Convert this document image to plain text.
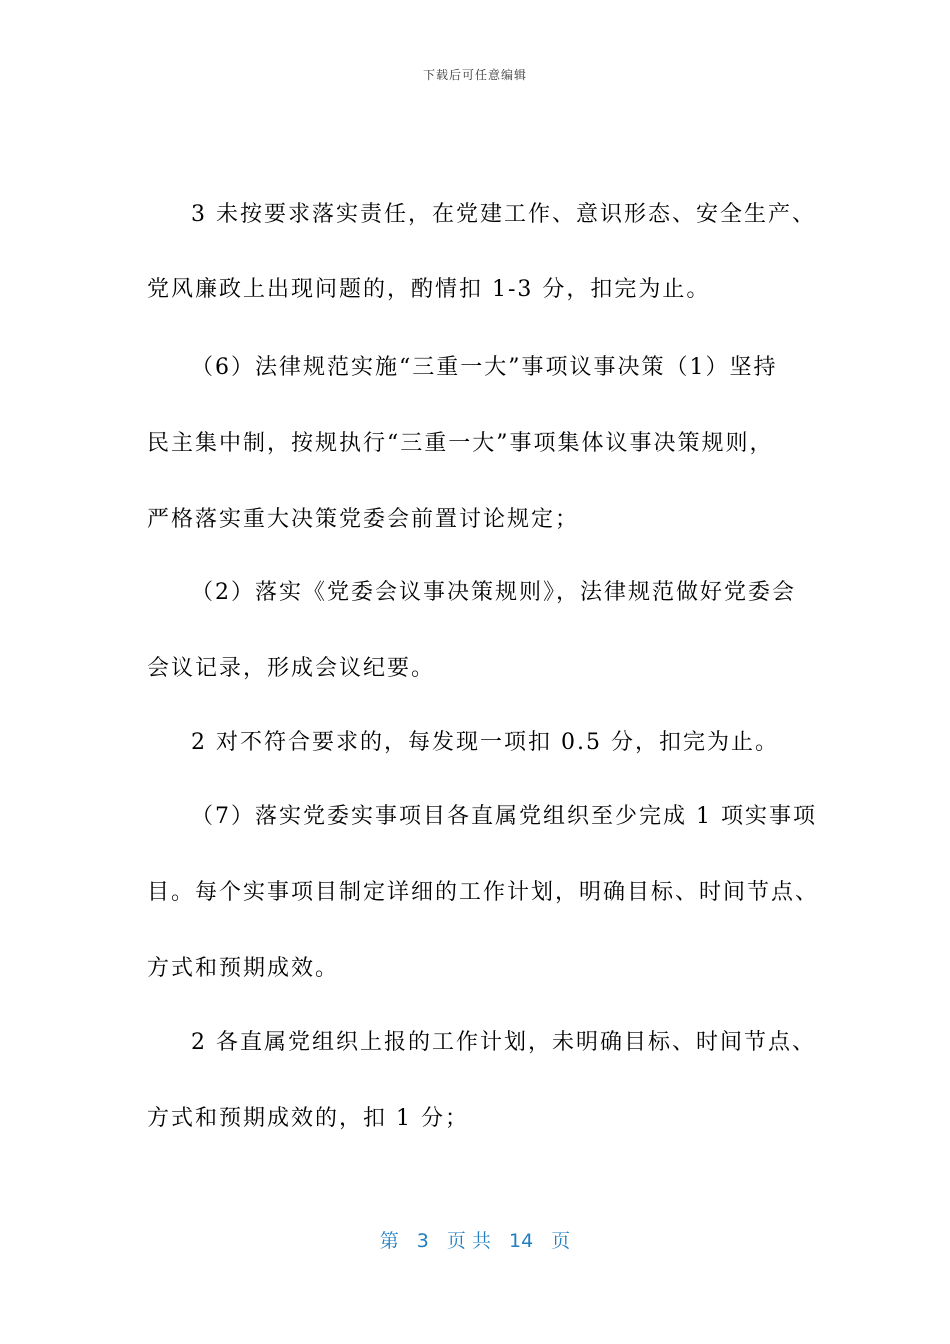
下载后可任意编辑
3 未按要求落实责任，在党建工作、意识形态、安全生产、
党风廉政上出现问题的，酌情扣 1-3 分，扣完为止。
（6）法律规范实施“三重一大”事项议事决策（1）坚持
民主集中制，按规执行“三重一大”事项集体议事决策规则，
严格落实重大决策党委会前置讨论规定；
（2）落实《党委会议事决策规则》，法律规范做好党委会
会议记录，形成会议纪要。
2 对不符合要求的，每发现一项扣 0.5 分，扣完为止。
（7）落实党委实事项目各直属党组织至少完成 1 项实事项
目。每个实事项目制定详细的工作计划，明确目标、时间节点、
方式和预期成效。
2 各直属党组织上报的工作计划，未明确目标、时间节点、
方式和预期成效的，扣 1 分；
第 3 页 共 14 页
